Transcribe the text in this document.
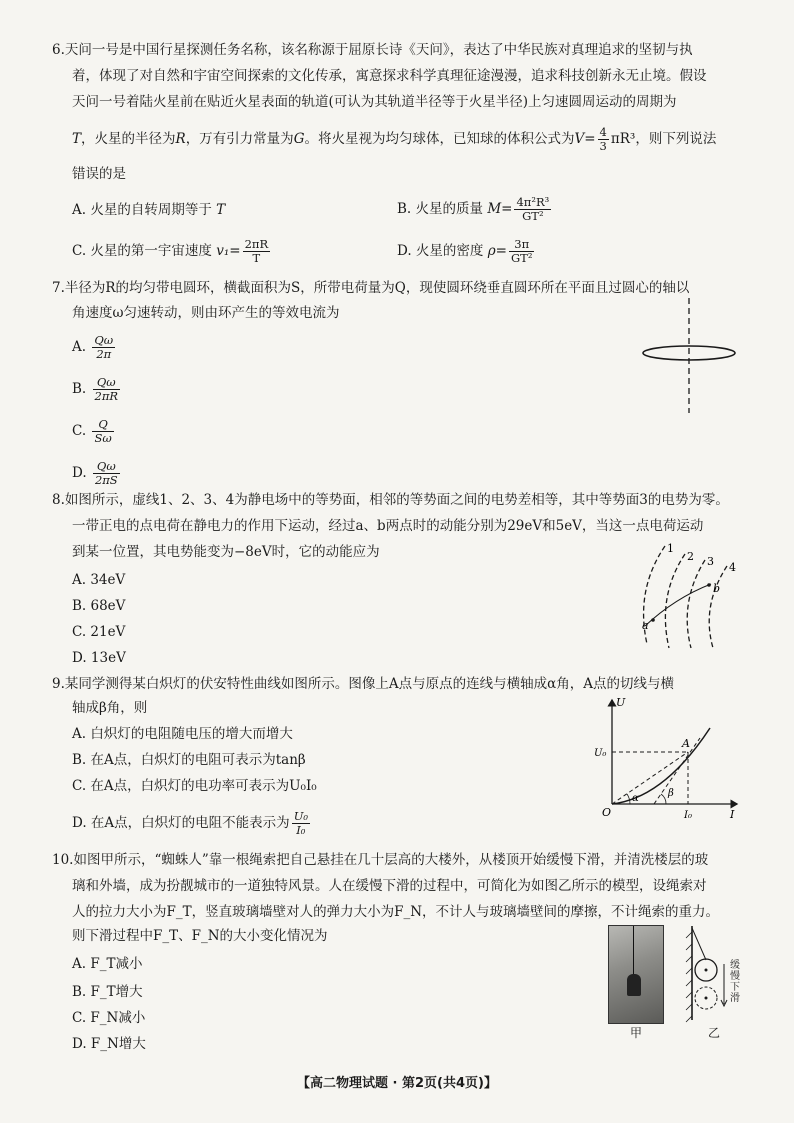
6.天问一号是中国行星探测任务名称，该名称源于屈原长诗《天问》，表达了中华民族对真理追求的坚韧与执
着，体现了对自然和宇宙空间探索的文化传承，寓意探求科学真理征途漫漫，追求科技创新永无止境。假设
天问一号着陆火星前在贴近火星表面的轨道(可认为其轨道半径等于火星半径)上匀速圆周运动的周期为
T，火星的半径为R，万有引力常量为G。将火星视为均匀球体，已知球的体积公式为$V= \frac{4}{3} \pi R^3$，则下列说法
错误的是
A. 火星的自转周期等于 T	B. 火星的质量 $M= \frac{\text{4π²R³}}{\text{GT²}}$
C. 火星的第一宇宙速度 $v_1= \frac{2\pi R}{T}$	D. 火星的密度 $\rho= \frac{3\pi}{\text{GT²}}$
7.半径为R的均匀带电圆环，横截面积为S，所带电荷量为Q，现使圆环绕垂直圆环所在平面且过圆心的轴以
角速度ω匀速转动，则由环产生的等效电流为
A. $\frac{Q\omega}{2\pi}$
B. $\frac{Q\omega}{2\pi R}$
C. $\frac{Q}{S\omega}$
D. $\frac{Q\omega}{2\pi S}$
8.如图所示，虚线1、2、3、4为静电场中的等势面，相邻的等势面之间的电势差相等，其中等势面3的电势为零。
一带正电的点电荷在静电力的作用下运动，经过a、b两点时的动能分别为29eV和5eV，当这一点电荷运动
到某一位置，其电势能变为−8eV时，它的动能应为
A. 34eV
B. 68eV
C. 21eV
D. 13eV
1
2 3 4
a
b
9.某同学测得某白炽灯的伏安特性曲线如图所示。图像上A点与原点的连线与横轴成α角，A点的切线与横
轴成β角，则
A. 白炽灯的电阻随电压的增大而增大
B. 在A点，白炽灯的电阻可表示为tanβ
C. 在A点，白炽灯的电功率可表示为U₀I₀
D. 在A点，白炽灯的电阻不能表示为 $\frac{\text{U₀}}{\text{I₀}}$
U
U₀
A
O	I₀	I
α	β
10.如图甲所示，“蜘蛛人”靠一根绳索把自己悬挂在几十层高的大楼外，从楼顶开始缓慢下滑，并清洗楼层的玻
璃和外墙，成为扮靓城市的一道独特风景。人在缓慢下滑的过程中，可简化为如图乙所示的模型，设绳索对
人的拉力大小为F_T，竖直玻璃墙壁对人的弹力大小为F_N，不计人与玻璃墙壁间的摩擦，不计绳索的重力。
则下滑过程中F_T、F_N的大小变化情况为
A. F_T减小
B. F_T增大
C. F_N减小
D. F_N增大
甲
缓慢下滑
乙
【高二物理试题 · 第2页(共4页)】
